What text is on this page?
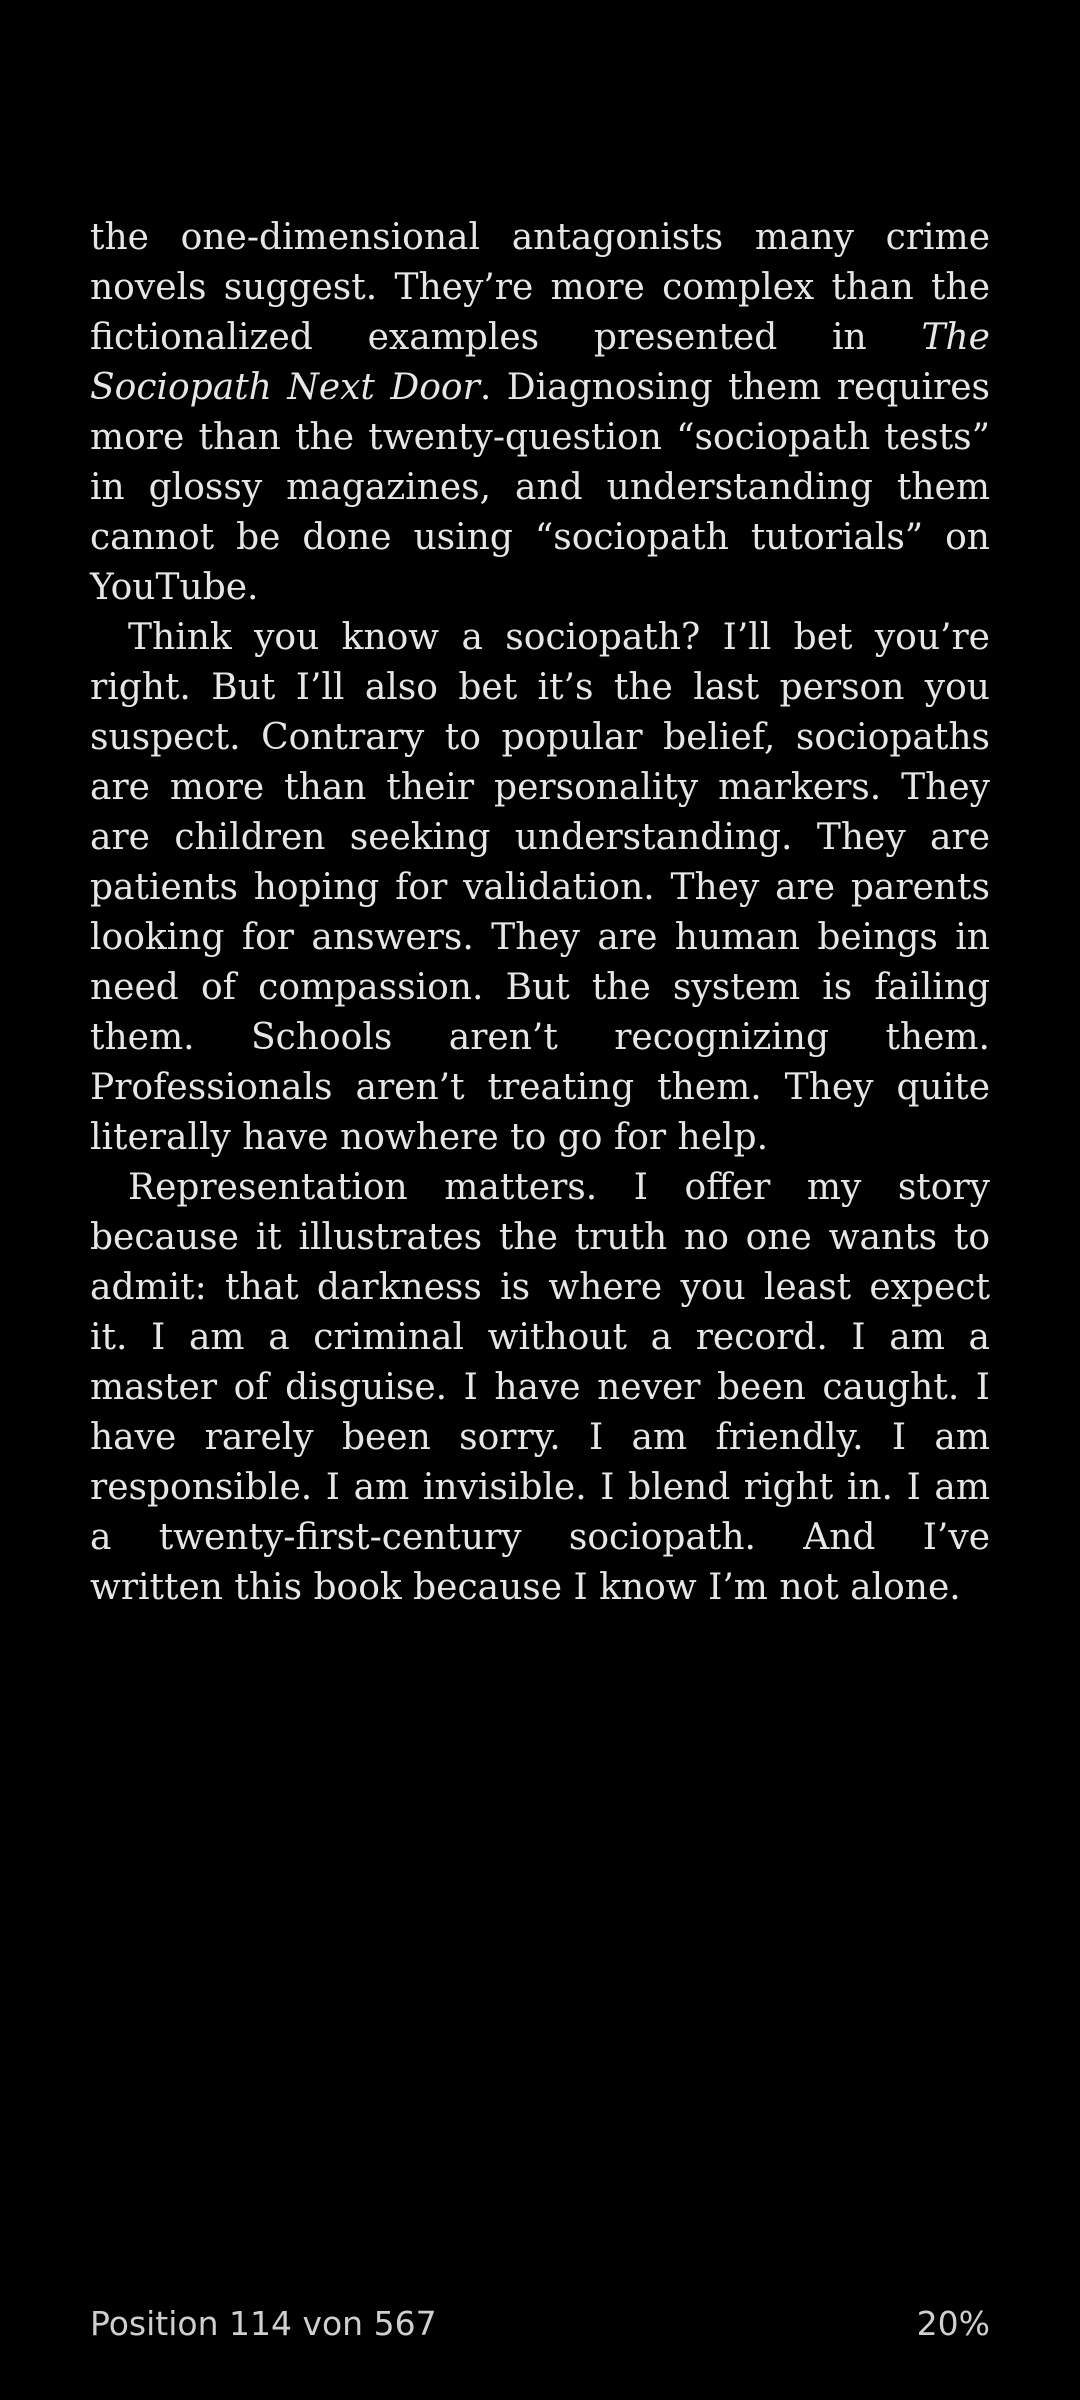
the one-dimensional antagonists many crime novels suggest. They’re more complex than the fictionalized examples presented in The Sociopath Next Door. Diagnosing them requires more than the twenty-question “sociopath tests” in glossy magazines, and understanding them cannot be done using “sociopath tutorials” on YouTube.

Think you know a sociopath? I’ll bet you’re right. But I’ll also bet it’s the last person you suspect. Contrary to popular belief, sociopaths are more than their personality markers. They are children seeking understanding. They are patients hoping for validation. They are parents looking for answers. They are human beings in need of compassion. But the system is failing them. Schools aren’t recognizing them. Professionals aren’t treating them. They quite literally have nowhere to go for help.

Representation matters. I offer my story because it illustrates the truth no one wants to admit: that darkness is where you least expect it. I am a criminal without a record. I am a master of disguise. I have never been caught. I have rarely been sorry. I am friendly. I am responsible. I am invisible. I blend right in. I am a twenty-first-century sociopath. And I’ve written this book because I know I’m not alone.

Position 114 von 567	20%
